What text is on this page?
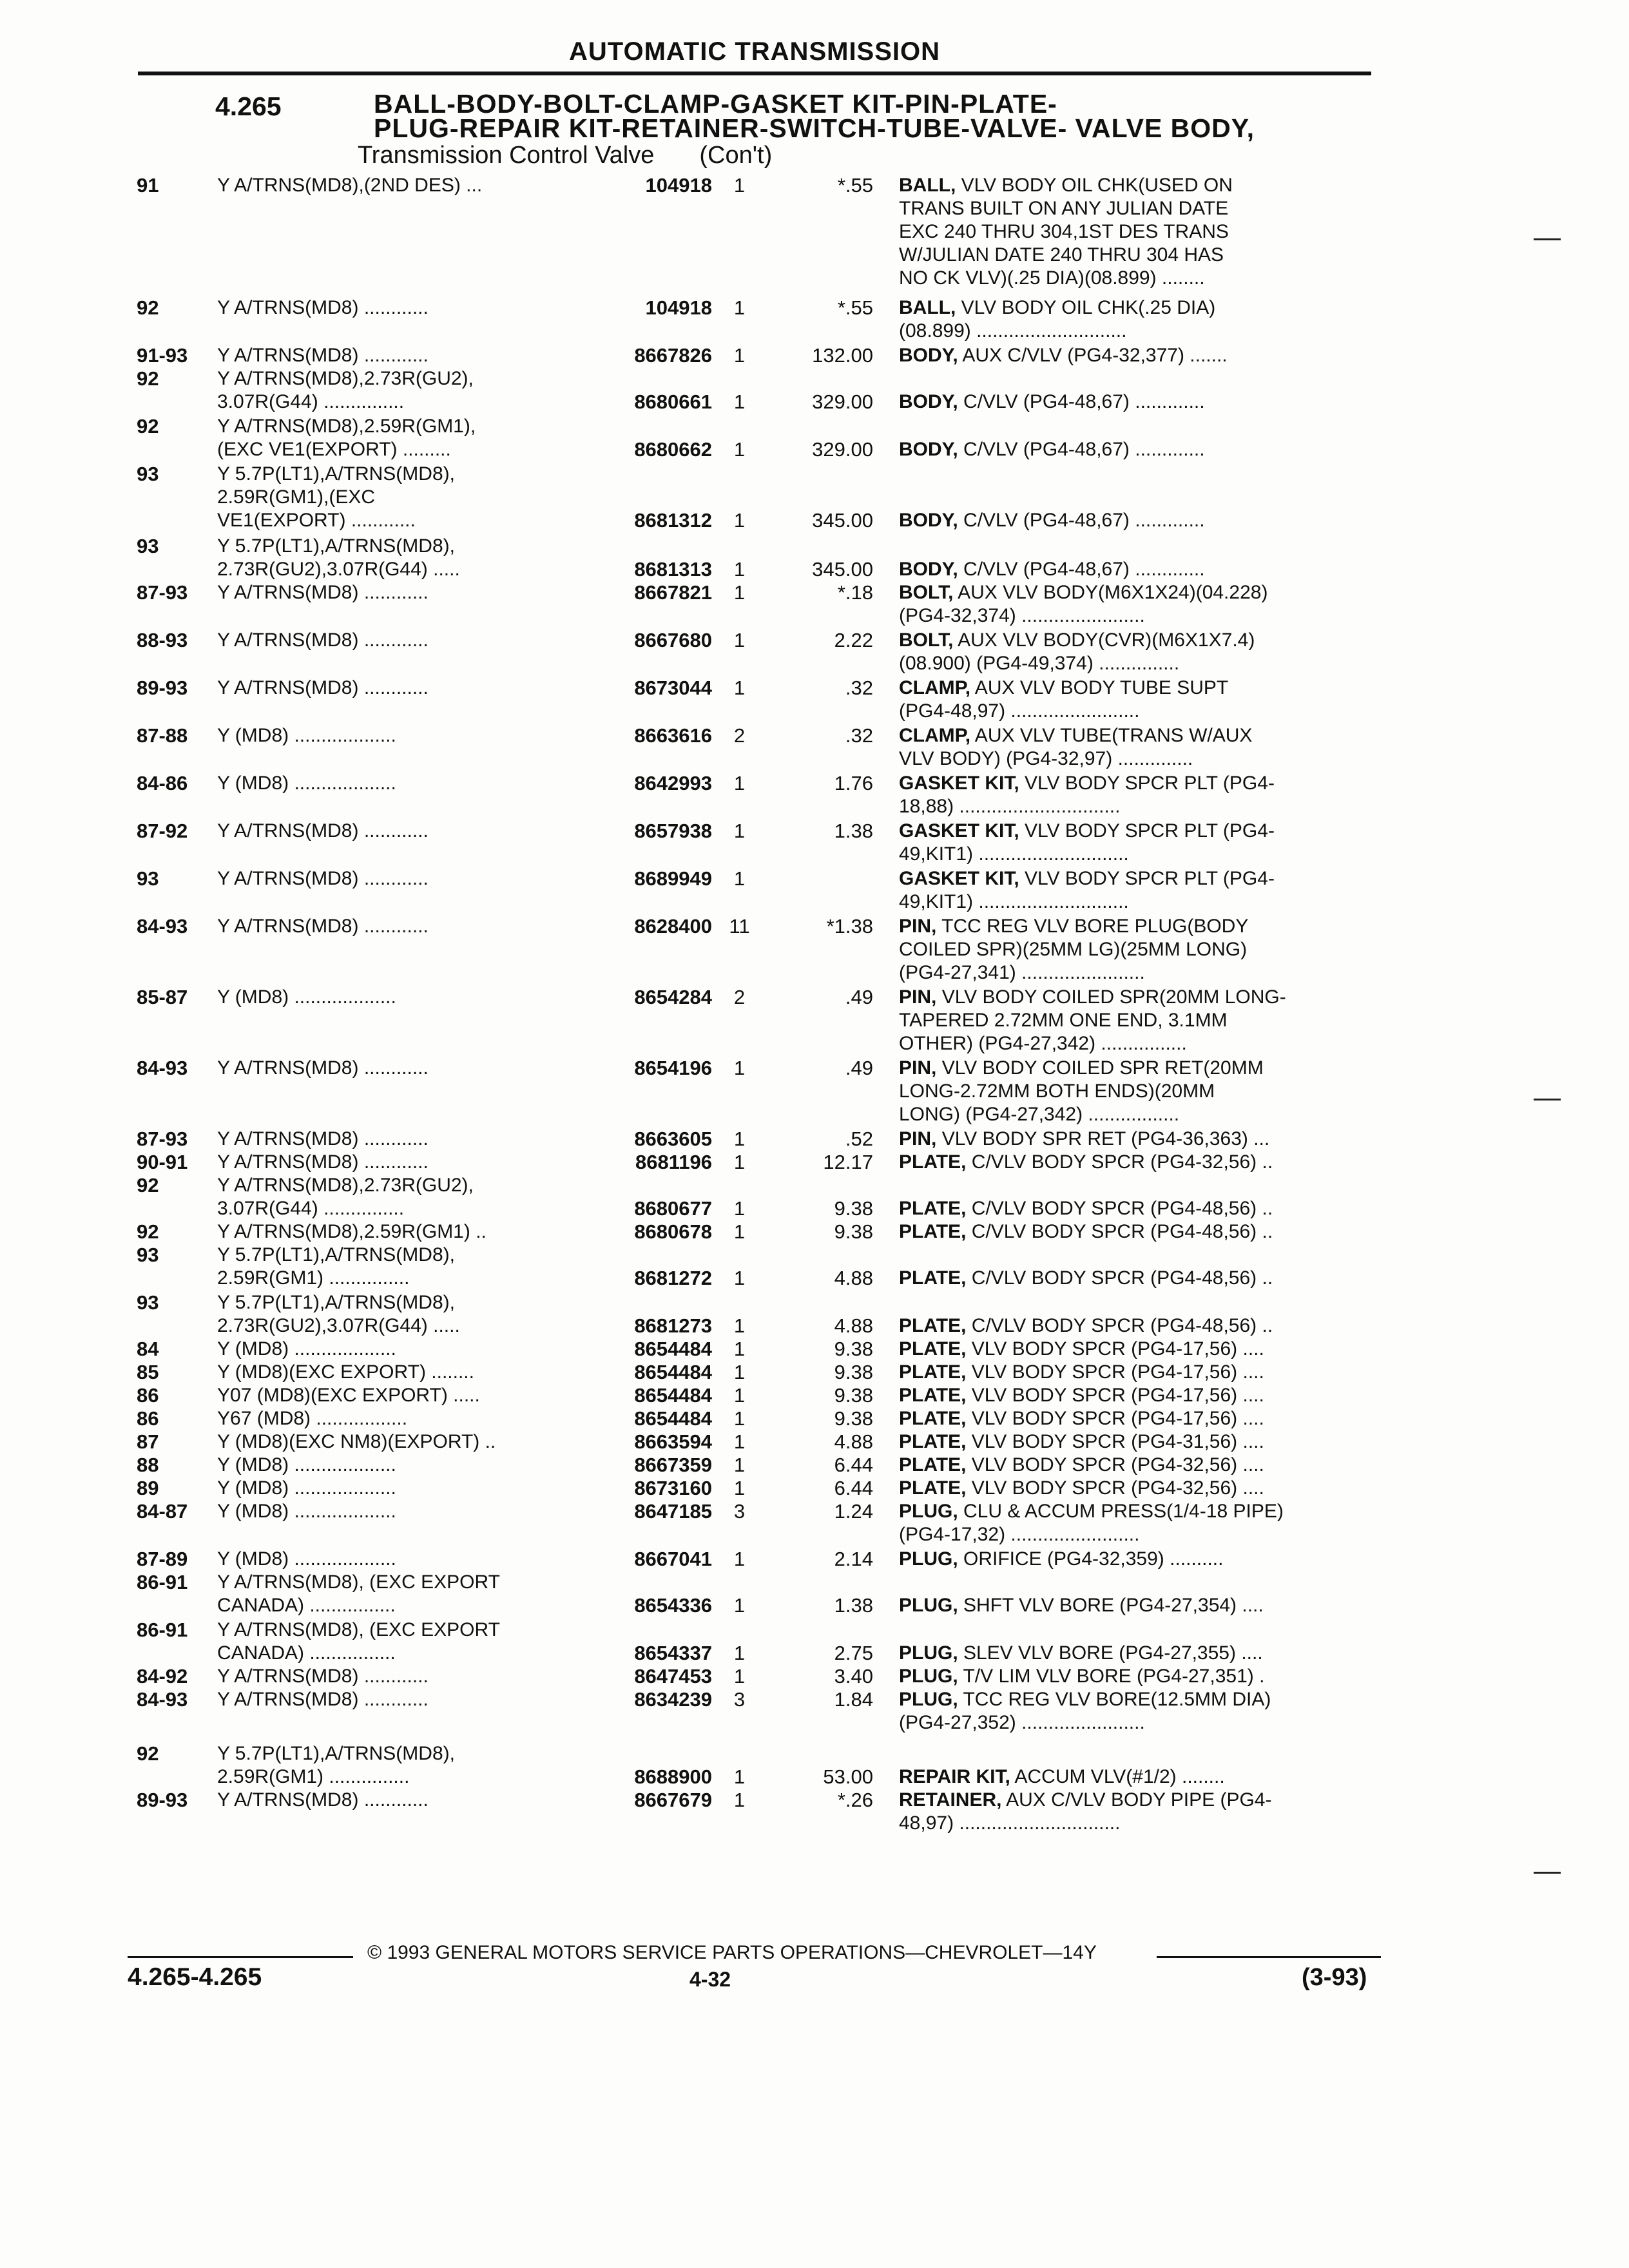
AUTOMATIC TRANSMISSION
4.265	BALL-BODY-BOLT-CLAMP-GASKET KIT-PIN-PLATE-
PLUG-REPAIR KIT-RETAINER-SWITCH-TUBE-VALVE- VALVE BODY,
Transmission Control Valve (Con't)
91	Y A/TRNS(MD8),(2ND DES) ...	104918	1	*.55 BALL, VLV BODY OIL CHK(USED ON
TRANS BUILT ON ANY JULIAN DATE
EXC 240 THRU 304,1ST DES TRANS
W/JULIAN DATE 240 THRU 304 HAS
NO CK VLV)(.25 DIA)(08.899) ........
92	Y A/TRNS(MD8) ............	104918	1	*.55 BALL, VLV BODY OIL CHK(.25 DIA)
(08.899) ............................
91-93	Y A/TRNS(MD8) ............	8667826	1	132.00 BODY, AUX C/VLV (PG4-32,377) .......
92	Y A/TRNS(MD8),2.73R(GU2),
3.07R(G44) ...............	8680661	1	329.00
BODY, C/VLV (PG4-48,67) .............
92	Y A/TRNS(MD8),2.59R(GM1),
(EXC VE1(EXPORT) .........	8680662	1	329.00
BODY, C/VLV (PG4-48,67) .............
93	Y 5.7P(LT1),A/TRNS(MD8),
2.59R(GM1),(EXC
VE1(EXPORT) ............	8681312	1	345.00

BODY, C/VLV (PG4-48,67) .............
93	Y 5.7P(LT1),A/TRNS(MD8),
2.73R(GU2),3.07R(G44) .....	8681313	1	345.00
BODY, C/VLV (PG4-48,67) .............
87-93	Y A/TRNS(MD8) ............	8667821	1	*.18 BOLT, AUX VLV BODY(M6X1X24)(04.228)
(PG4-32,374) .......................
88-93	Y A/TRNS(MD8) ............	8667680	1	2.22 BOLT, AUX VLV BODY(CVR)(M6X1X7.4)
(08.900) (PG4-49,374) ...............
89-93	Y A/TRNS(MD8) ............	8673044	1	.32 CLAMP, AUX VLV BODY TUBE SUPT
(PG4-48,97) ........................
87-88	Y (MD8) ...................	8663616	2	.32 CLAMP, AUX VLV TUBE(TRANS W/AUX
VLV BODY) (PG4-32,97) ..............
84-86	Y (MD8) ...................	8642993	1	1.76 GASKET KIT, VLV BODY SPCR PLT (PG4-
18,88) ..............................
87-92	Y A/TRNS(MD8) ............	8657938	1	1.38 GASKET KIT, VLV BODY SPCR PLT (PG4-
49,KIT1) ............................
93	Y A/TRNS(MD8) ............	8689949	1	GASKET KIT, VLV BODY SPCR PLT (PG4-
49,KIT1) ............................
84-93	Y A/TRNS(MD8) ............	8628400 11	*1.38 PIN, TCC REG VLV BORE PLUG(BODY
COILED SPR)(25MM LG)(25MM LONG)
(PG4-27,341) .......................
85-87	Y (MD8) ...................	8654284	2	.49 PIN, VLV BODY COILED SPR(20MM LONG-
TAPERED 2.72MM ONE END, 3.1MM
OTHER) (PG4-27,342) ................
84-93	Y A/TRNS(MD8) ............	8654196	1	.49 PIN, VLV BODY COILED SPR RET(20MM
LONG-2.72MM BOTH ENDS)(20MM
LONG) (PG4-27,342) .................
87-93	Y A/TRNS(MD8) ............	8663605	1	.52 PIN, VLV BODY SPR RET (PG4-36,363) ...
90-91	Y A/TRNS(MD8) ............	8681196	1	12.17 PLATE, C/VLV BODY SPCR (PG4-32,56) ..
92	Y A/TRNS(MD8),2.73R(GU2),
3.07R(G44) ...............	8680677	1	9.38
PLATE, C/VLV BODY SPCR (PG4-48,56) ..
92	Y A/TRNS(MD8),2.59R(GM1) ..	8680678	1	9.38 PLATE, C/VLV BODY SPCR (PG4-48,56) ..
93	Y 5.7P(LT1),A/TRNS(MD8),
2.59R(GM1) ...............	8681272	1	4.88
PLATE, C/VLV BODY SPCR (PG4-48,56) ..
93	Y 5.7P(LT1),A/TRNS(MD8),
2.73R(GU2),3.07R(G44) .....	8681273	1	4.88
PLATE, C/VLV BODY SPCR (PG4-48,56) ..
84	Y (MD8) ...................	8654484	1	9.38 PLATE, VLV BODY SPCR (PG4-17,56) ....
85	Y (MD8)(EXC EXPORT) ........	8654484	1	9.38 PLATE, VLV BODY SPCR (PG4-17,56) ....
86	Y07 (MD8)(EXC EXPORT) .....	8654484	1	9.38 PLATE, VLV BODY SPCR (PG4-17,56) ....
86	Y67 (MD8) .................	8654484	1	9.38 PLATE, VLV BODY SPCR (PG4-17,56) ....
87	Y (MD8)(EXC NM8)(EXPORT) ..	8663594	1	4.88 PLATE, VLV BODY SPCR (PG4-31,56) ....
88	Y (MD8) ...................	8667359	1	6.44 PLATE, VLV BODY SPCR (PG4-32,56) ....
89	Y (MD8) ...................	8673160	1	6.44 PLATE, VLV BODY SPCR (PG4-32,56) ....
84-87	Y (MD8) ...................	8647185	3	1.24 PLUG, CLU & ACCUM PRESS(1/4-18 PIPE)
(PG4-17,32) ........................
87-89	Y (MD8) ...................	8667041	1	2.14 PLUG, ORIFICE (PG4-32,359) ..........
86-91	Y A/TRNS(MD8), (EXC EXPORT
CANADA) ................	8654336	1	1.38
PLUG, SHFT VLV BORE (PG4-27,354) ....
86-91	Y A/TRNS(MD8), (EXC EXPORT
CANADA) ................	8654337	1	2.75
PLUG, SLEV VLV BORE (PG4-27,355) ....
84-92	Y A/TRNS(MD8) ............	8647453	1	3.40 PLUG, T/V LIM VLV BORE (PG4-27,351) .
84-93	Y A/TRNS(MD8) ............	8634239	3	1.84 PLUG, TCC REG VLV BORE(12.5MM DIA)
(PG4-27,352) .......................
92	Y 5.7P(LT1),A/TRNS(MD8),
2.59R(GM1) ...............	8688900	1	53.00
REPAIR KIT, ACCUM VLV(#1/2) ........
89-93	Y A/TRNS(MD8) ............	8667679	1	*.26 RETAINER, AUX C/VLV BODY PIPE (PG4-
48,97) ..............................
© 1993 GENERAL MOTORS SERVICE PARTS OPERATIONS—CHEVROLET—14Y
4.265-4.265	4-32	(3-93)
